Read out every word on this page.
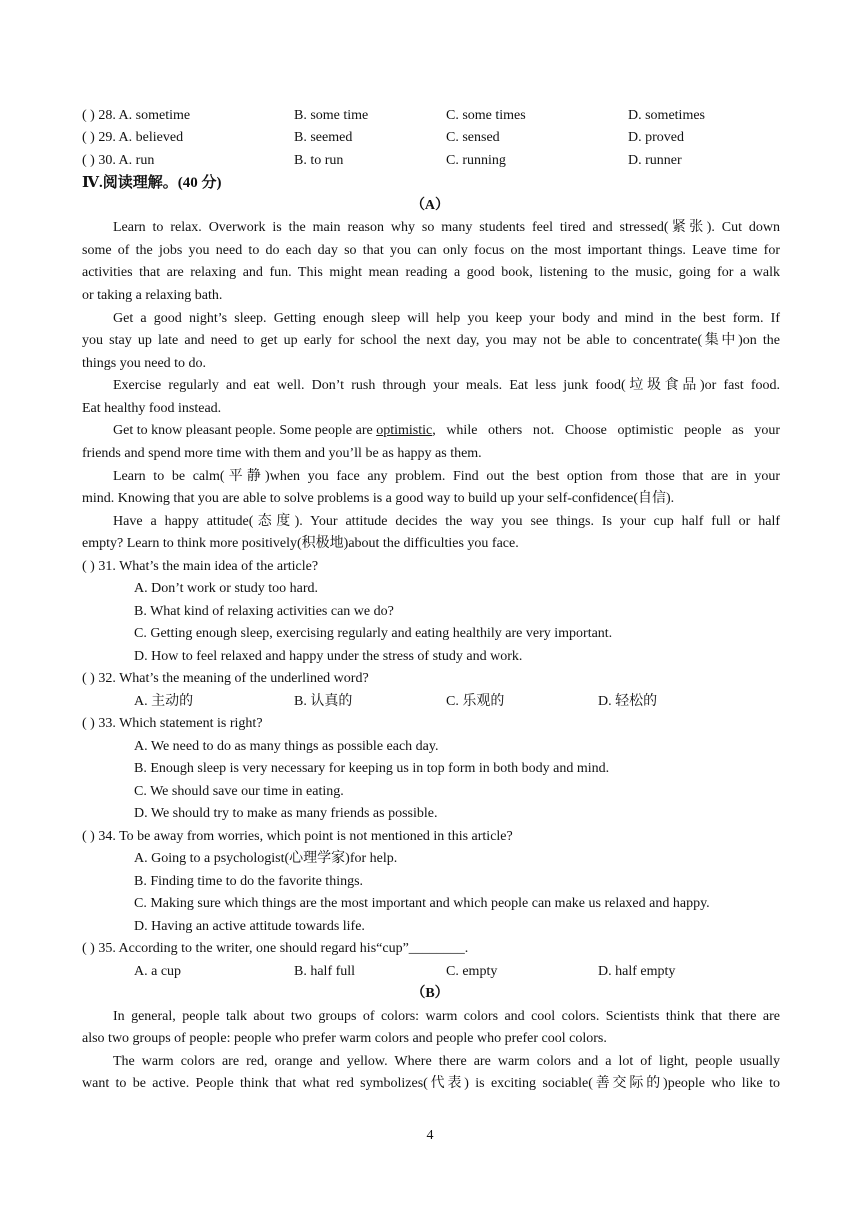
( ) 28. A. sometime	B. some time	C. some times	D. sometimes
( ) 29. A. believed	B. seemed	C. sensed	D. proved
( ) 30. A. run	B. to run	C. running	D. runner
Ⅳ.阅读理解。(40 分)
（A）
Learn to relax. Overwork is the main reason why so many students feel tired and stressed(紧张). Cut down
some of the jobs you need to do each day so that you can only focus on the most important things. Leave time for
activities that are relaxing and fun. This might mean reading a good book, listening to the music, going for a walk
or taking a relaxing bath.
Get a good night’s sleep. Getting enough sleep will help you keep your body and mind in the best form. If
you stay up late and need to get up early for school the next day, you may not be able to concentrate(集中)on the
things you need to do.
Exercise regularly and eat well. Don’t rush through your meals. Eat less junk food(垃圾食品)or fast food.
Eat healthy food instead.
Get to know pleasant people. Some people are optimistic , while others not. Choose optimistic people as your
friends and spend more time with them and you’ll be as happy as them.
Learn to be calm(平静)when you face any problem. Find out the best option from those that are in your
mind. Knowing that you are able to solve problems is a good way to build up your self-confidence(自信).
Have a happy attitude(态度). Your attitude decides the way you see things. Is your cup half full or half
empty? Learn to think more positively(积极地)about the difficulties you face.
( ) 31. What’s the main idea of the article?
A. Don’t work or study too hard.
B. What kind of relaxing activities can we do?
C. Getting enough sleep, exercising regularly and eating healthily are very important.
D. How to feel relaxed and happy under the stress of study and work.
( ) 32. What’s the meaning of the underlined word?
A. 主动的	B. 认真的	C. 乐观的	D. 轻松的
( ) 33. Which statement is right?
A. We need to do as many things as possible each day.
B. Enough sleep is very necessary for keeping us in top form in both body and mind.
C. We should save our time in eating.
D. We should try to make as many friends as possible.
( ) 34. To be away from worries, which point is not mentioned in this article?
A. Going to a psychologist(心理学家)for help.
B. Finding time to do the favorite things.
C. Making sure which things are the most important and which people can make us relaxed and happy.
D. Having an active attitude towards life.
( ) 35. According to the writer, one should regard his“cup”________.
A. a cup	B. half full	C. empty	D. half empty
（B）
In general, people talk about two groups of colors: warm colors and cool colors. Scientists think that there are
also two groups of people: people who prefer warm colors and people who prefer cool colors.
The warm colors are red, orange and yellow. Where there are warm colors and a lot of light, people usually
want to be active. People think that what red symbolizes(代表) is exciting sociable(善交际的)people who like to
4
